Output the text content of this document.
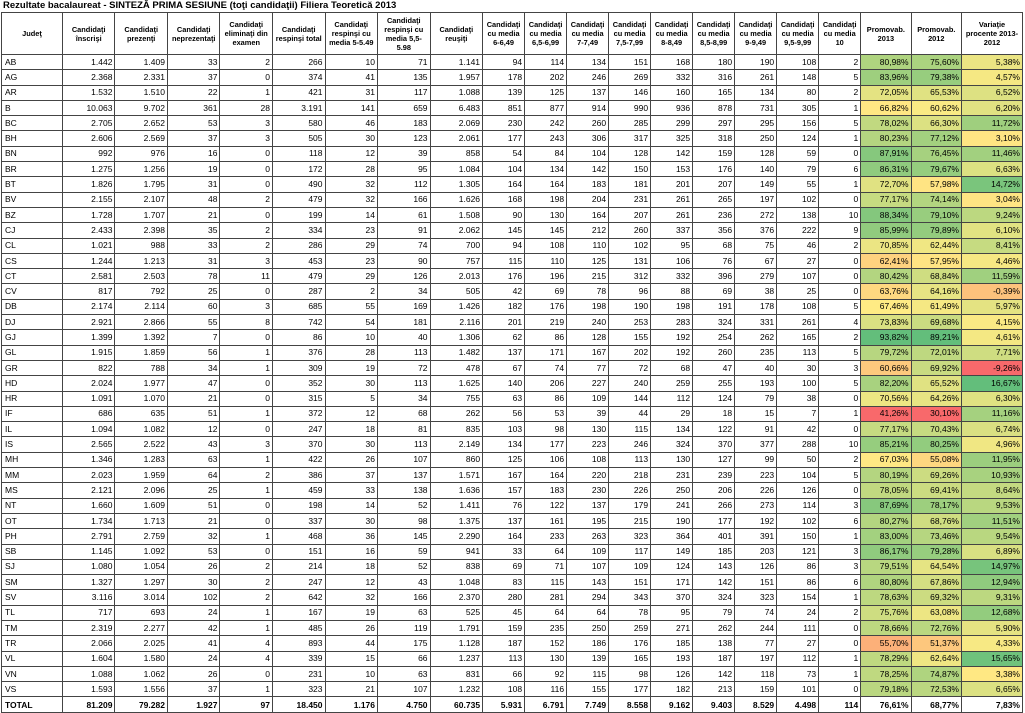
Rezultate bacalaureat - SINTEZĂ PRIMA SESIUNE (toţi candidaţii) Filiera Teoretică 2013
Judeţ	Candidaţi înscrişi	Candidaţi prezenţi	Candidaţi neprezentaţi	Candidaţi eliminaţi din examen	Candidaţi respinşi total	Candidaţi respinşi cu media 5-5.49	Candidaţi respinşi cu media 5,5-5.98	Candidaţi reuşiţi	Candidaţi cu media 6-6,49	Candidaţi cu media 6,5-6,99	Candidaţi cu media 7-7,49	Candidaţi cu media 7,5-7,99	Candidaţi cu media 8-8,49	Candidaţi cu media 8,5-8,99	Candidaţi cu media 9-9,49	Candidaţi cu media 9,5-9,99	Candidaţi cu media 10	Promovab. 2013	Promovab. 2012	Variaţie procente 2013-2012
AB	1.442	1.409	33	2	266	10	71	1.141	94	114	134	151	168	180	190	108	2	80,98%	75,60%	5,38%
AG	2.368	2.331	37	0	374	41	135	1.957	178	202	246	269	332	316	261	148	5	83,96%	79,38%	4,57%
AR	1.532	1.510	22	1	421	31	117	1.088	139	125	137	146	160	165	134	80	2	72,05%	65,53%	6,52%
B	10.063	9.702	361	28	3.191	141	659	6.483	851	877	914	990	936	878	731	305	1	66,82%	60,62%	6,20%
BC	2.705	2.652	53	3	580	46	183	2.069	230	242	260	285	299	297	295	156	5	78,02%	66,30%	11,72%
BH	2.606	2.569	37	3	505	30	123	2.061	177	243	306	317	325	318	250	124	1	80,23%	77,12%	3,10%
BN	992	976	16	0	118	12	39	858	54	84	104	128	142	159	128	59	0	87,91%	76,45%	11,46%
BR	1.275	1.256	19	0	172	28	95	1.084	104	134	142	150	153	176	140	79	6	86,31%	79,67%	6,63%
BT	1.826	1.795	31	0	490	32	112	1.305	164	164	183	181	201	207	149	55	1	72,70%	57,98%	14,72%
BV	2.155	2.107	48	2	479	32	166	1.626	168	198	204	231	261	265	197	102	0	77,17%	74,14%	3,04%
BZ	1.728	1.707	21	0	199	14	61	1.508	90	130	164	207	261	236	272	138	10	88,34%	79,10%	9,24%
CJ	2.433	2.398	35	2	334	23	91	2.062	145	145	212	260	337	356	376	222	9	85,99%	79,89%	6,10%
CL	1.021	988	33	2	286	29	74	700	94	108	110	102	95	68	75	46	2	70,85%	62,44%	8,41%
CS	1.244	1.213	31	3	453	23	90	757	115	110	125	131	106	76	67	27	0	62,41%	57,95%	4,46%
CT	2.581	2.503	78	11	479	29	126	2.013	176	196	215	312	332	396	279	107	0	80,42%	68,84%	11,59%
CV	817	792	25	0	287	2	34	505	42	69	78	96	88	69	38	25	0	63,76%	64,16%	-0,39%
DB	2.174	2.114	60	3	685	55	169	1.426	182	176	198	190	198	191	178	108	5	67,46%	61,49%	5,97%
DJ	2.921	2.866	55	8	742	54	181	2.116	201	219	240	253	283	324	331	261	4	73,83%	69,68%	4,15%
GJ	1.399	1.392	7	0	86	10	40	1.306	62	86	128	155	192	254	262	165	2	93,82%	89,21%	4,61%
GL	1.915	1.859	56	1	376	28	113	1.482	137	171	167	202	192	260	235	113	5	79,72%	72,01%	7,71%
GR	822	788	34	1	309	19	72	478	67	74	77	72	68	47	40	30	3	60,66%	69,92%	-9,26%
HD	2.024	1.977	47	0	352	30	113	1.625	140	206	227	240	259	255	193	100	5	82,20%	65,52%	16,67%
HR	1.091	1.070	21	0	315	5	34	755	63	86	109	144	112	124	79	38	0	70,56%	64,26%	6,30%
IF	686	635	51	1	372	12	68	262	56	53	39	44	29	18	15	7	1	41,26%	30,10%	11,16%
IL	1.094	1.082	12	0	247	18	81	835	103	98	130	115	134	122	91	42	0	77,17%	70,43%	6,74%
IS	2.565	2.522	43	3	370	30	113	2.149	134	177	223	246	324	370	377	288	10	85,21%	80,25%	4,96%
MH	1.346	1.283	63	1	422	26	107	860	125	106	108	113	130	127	99	50	2	67,03%	55,08%	11,95%
MM	2.023	1.959	64	2	386	37	137	1.571	167	164	220	218	231	239	223	104	5	80,19%	69,26%	10,93%
MS	2.121	2.096	25	1	459	33	138	1.636	157	183	230	226	250	206	226	126	0	78,05%	69,41%	8,64%
NT	1.660	1.609	51	0	198	14	52	1.411	76	122	137	179	241	266	273	114	3	87,69%	78,17%	9,53%
OT	1.734	1.713	21	0	337	30	98	1.375	137	161	195	215	190	177	192	102	6	80,27%	68,76%	11,51%
PH	2.791	2.759	32	1	468	36	145	2.290	164	233	263	323	364	401	391	150	1	83,00%	73,46%	9,54%
SB	1.145	1.092	53	0	151	16	59	941	33	64	109	117	149	185	203	121	3	86,17%	79,28%	6,89%
SJ	1.080	1.054	26	2	214	18	52	838	69	71	107	109	124	143	126	86	3	79,51%	64,54%	14,97%
SM	1.327	1.297	30	2	247	12	43	1.048	83	115	143	151	171	142	151	86	6	80,80%	67,86%	12,94%
SV	3.116	3.014	102	2	642	32	166	2.370	280	281	294	343	370	324	323	154	1	78,63%	69,32%	9,31%
TL	717	693	24	1	167	19	63	525	45	64	64	78	95	79	74	24	2	75,76%	63,08%	12,68%
TM	2.319	2.277	42	1	485	26	119	1.791	159	235	250	259	271	262	244	111	0	78,66%	72,76%	5,90%
TR	2.066	2.025	41	4	893	44	175	1.128	187	152	186	176	185	138	77	27	0	55,70%	51,37%	4,33%
VL	1.604	1.580	24	4	339	15	66	1.237	113	130	139	165	193	187	197	112	1	78,29%	62,64%	15,65%
VN	1.088	1.062	26	0	231	10	63	831	66	92	115	98	126	142	118	73	1	78,25%	74,87%	3,38%
VS	1.593	1.556	37	1	323	21	107	1.232	108	116	155	177	182	213	159	101	0	79,18%	72,53%	6,65%
TOTAL	81.209	79.282	1.927	97	18.450	1.176	4.750	60.735	5.931	6.791	7.749	8.558	9.162	9.403	8.529	4.498	114	76,61%	68,77%	7,83%
